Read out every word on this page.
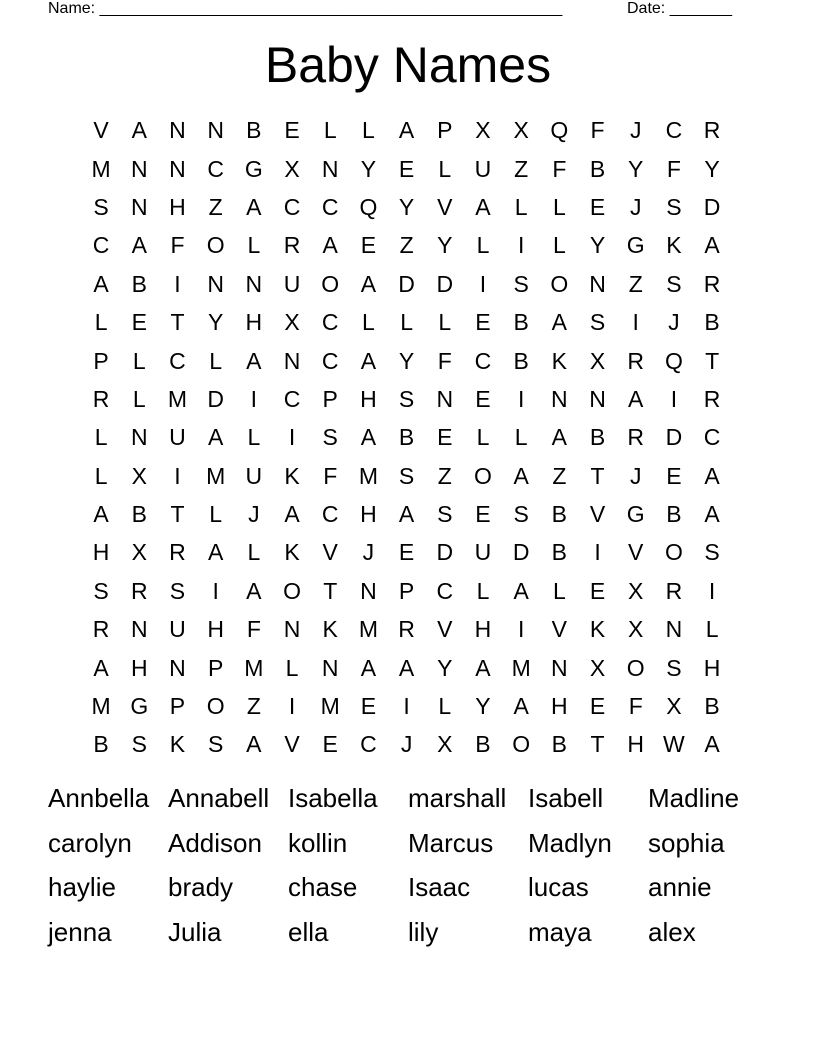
Name: ____________________________________________________	Date: _______
Baby Names
V A N N B E	L	L	A P X X Q F	J	C R
M N N C G X N Y E	L	U Z	F	B Y	F	Y
S N H Z	A C C Q Y V A	L	L	E	J	S D
C A	F O L	R A E	Z	Y	L	I	L	Y G K A
A B	I	N N U O A D D	I	S O N Z	S R
L	E	T	Y H X C	L	L	L	E B A S	I	J	B
P	L	C	L	A N C A Y	F C B K X R Q T
R	L M D	I	C P H S N E	I	N N A	I	R
L	N U A	L	I	S A B E	L	L	A B R D C
L	X	I	M U K	F M S	Z O A	Z	T	J	E A
A B	T	L	J	A C H A S E S B V G B A
H X R A	L	K V	J	E D U D B	I	V O S
S R S	I	A O T N P C	L	A	L	E X R	I
R N U H F N K M R V H	I	V K X N	L
A H N P M L	N A A Y A M N X O S H
M G P O Z	I	M E	I	L	Y A H E	F	X B
B S K S A V E C	J	X B O B	T H W A
Annbella Annabell Isabella	marshall Isabell	Madline
carolyn	Addison	kollin	Marcus	Madlyn	sophia
haylie	brady	chase	Isaac	lucas	annie
jenna	Julia	ella	lily	maya	alex
